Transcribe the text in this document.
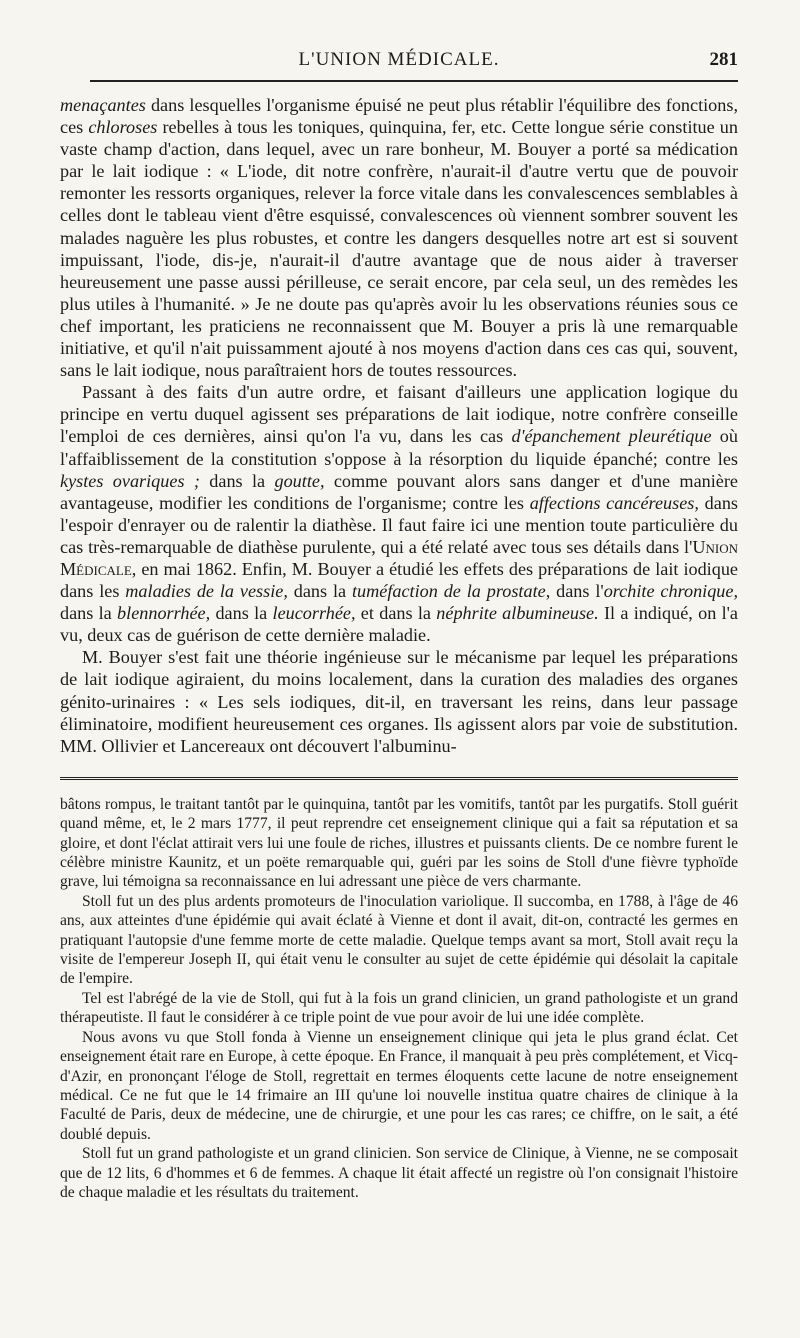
L'UNION MÉDICALE.	281

menaçantes dans lesquelles l'organisme épuisé ne peut plus rétablir l'équilibre des fonctions, ces chloroses rebelles à tous les toniques, quinquina, fer, etc. Cette longue série constitue un vaste champ d'action, dans lequel, avec un rare bonheur, M. Bouyer a porté sa médication par le lait iodique : « L'iode, dit notre confrère, n'aurait-il d'autre vertu que de pouvoir remonter les ressorts organiques, relever la force vitale dans les convalescences semblables à celles dont le tableau vient d'être esquissé, convalescences où viennent sombrer souvent les malades naguère les plus robustes, et contre les dangers desquelles notre art est si souvent impuissant, l'iode, dis-je, n'aurait-il d'autre avantage que de nous aider à traverser heureusement une passe aussi périlleuse, ce serait encore, par cela seul, un des remèdes les plus utiles à l'humanité. » Je ne doute pas qu'après avoir lu les observations réunies sous ce chef important, les praticiens ne reconnaissent que M. Bouyer a pris là une remarquable initiative, et qu'il n'ait puissamment ajouté à nos moyens d'action dans ces cas qui, souvent, sans le lait iodique, nous paraîtraient hors de toutes ressources.

Passant à des faits d'un autre ordre, et faisant d'ailleurs une application logique du principe en vertu duquel agissent ses préparations de lait iodique, notre confrère conseille l'emploi de ces dernières, ainsi qu'on l'a vu, dans les cas d'épanchement pleurétique où l'affaiblissement de la constitution s'oppose à la résorption du liquide épanché; contre les kystes ovariques ; dans la goutte, comme pouvant alors sans danger et d'une manière avantageuse, modifier les conditions de l'organisme; contre les affections cancéreuses, dans l'espoir d'enrayer ou de ralentir la diathèse. Il faut faire ici une mention toute particulière du cas très-remarquable de diathèse purulente, qui a été relaté avec tous ses détails dans l'Union Médicale, en mai 1862. Enfin, M. Bouyer a étudié les effets des préparations de lait iodique dans les maladies de la vessie, dans la tuméfaction de la prostate, dans l'orchite chronique, dans la blennorrhée, dans la leucorrhée, et dans la néphrite albumineuse. Il a indiqué, on l'a vu, deux cas de guérison de cette dernière maladie.

M. Bouyer s'est fait une théorie ingénieuse sur le mécanisme par lequel les préparations de lait iodique agiraient, du moins localement, dans la curation des maladies des organes génito-urinaires : « Les sels iodiques, dit-il, en traversant les reins, dans leur passage éliminatoire, modifient heureusement ces organes. Ils agissent alors par voie de substitution. MM. Ollivier et Lancereaux ont découvert l'albuminu-

bâtons rompus, le traitant tantôt par le quinquina, tantôt par les vomitifs, tantôt par les purgatifs. Stoll guérit quand même, et, le 2 mars 1777, il peut reprendre cet enseignement clinique qui a fait sa réputation et sa gloire, et dont l'éclat attirait vers lui une foule de riches, illustres et puissants clients. De ce nombre furent le célèbre ministre Kaunitz, et un poëte remarquable qui, guéri par les soins de Stoll d'une fièvre typhoïde grave, lui témoigna sa reconnaissance en lui adressant une pièce de vers charmante.

Stoll fut un des plus ardents promoteurs de l'inoculation variolique. Il succomba, en 1788, à l'âge de 46 ans, aux atteintes d'une épidémie qui avait éclaté à Vienne et dont il avait, dit-on, contracté les germes en pratiquant l'autopsie d'une femme morte de cette maladie. Quelque temps avant sa mort, Stoll avait reçu la visite de l'empereur Joseph II, qui était venu le consulter au sujet de cette épidémie qui désolait la capitale de l'empire.

Tel est l'abrégé de la vie de Stoll, qui fut à la fois un grand clinicien, un grand pathologiste et un grand thérapeutiste. Il faut le considérer à ce triple point de vue pour avoir de lui une idée complète.

Nous avons vu que Stoll fonda à Vienne un enseignement clinique qui jeta le plus grand éclat. Cet enseignement était rare en Europe, à cette époque. En France, il manquait à peu près complétement, et Vicq-d'Azir, en prononçant l'éloge de Stoll, regrettait en termes éloquents cette lacune de notre enseignement médical. Ce ne fut que le 14 frimaire an III qu'une loi nouvelle institua quatre chaires de clinique à la Faculté de Paris, deux de médecine, une de chirurgie, et une pour les cas rares; ce chiffre, on le sait, a été doublé depuis.

Stoll fut un grand pathologiste et un grand clinicien. Son service de Clinique, à Vienne, ne se composait que de 12 lits, 6 d'hommes et 6 de femmes. A chaque lit était affecté un registre où l'on consignait l'histoire de chaque maladie et les résultats du traitement.
